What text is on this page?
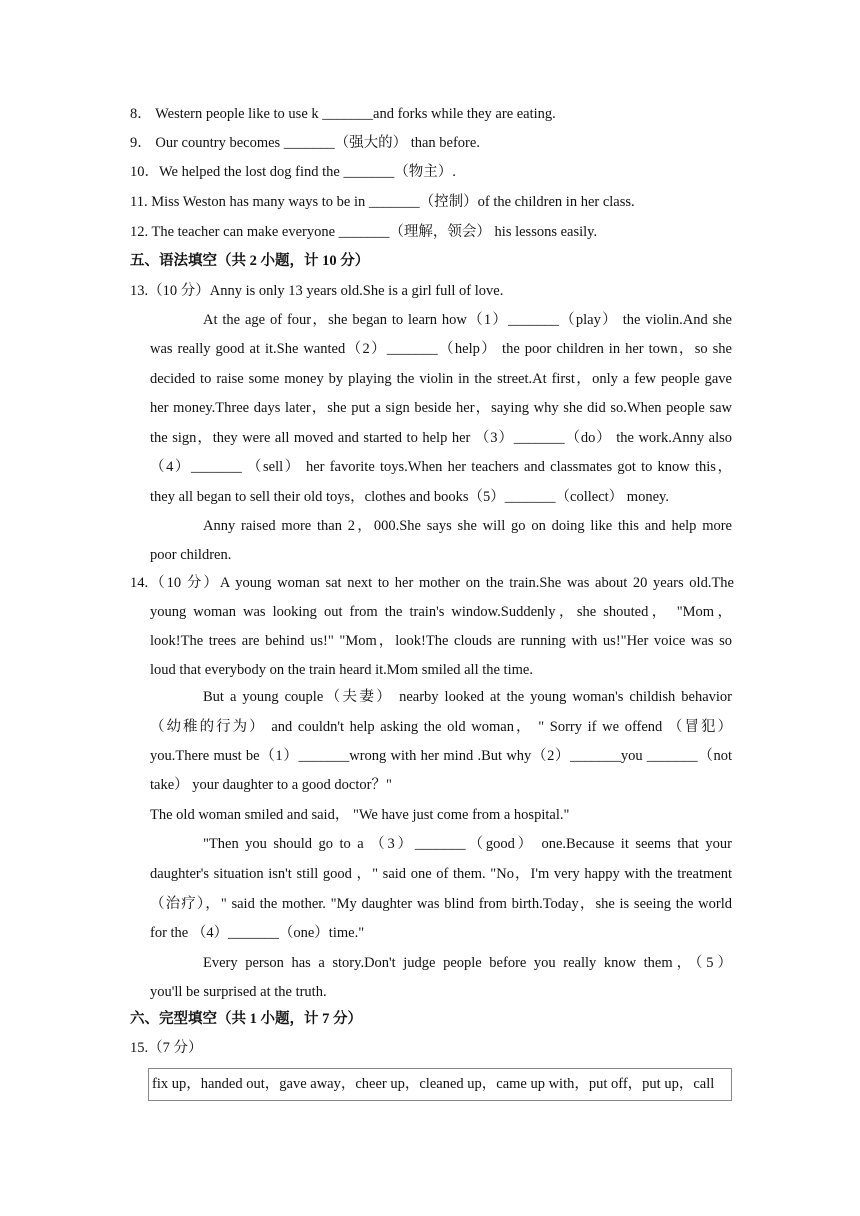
8． Western people like to use k _______and forks while they are eating.
9． Our country becomes _______（强大的） than before.
10．We helped the lost dog find the _______（物主）.
11. Miss Weston has many ways to be in _______（控制）of the children in her class.
12. The teacher can make everyone _______（理解，领会） his lessons easily.
五、语法填空（共 2 小题，计 10 分）
13.（10 分）Anny is only 13 years old.She is a girl full of love.
At the age of four，she began to learn how（1）_______（play） the violin.And she
was really good at it.She wanted（2）_______（help） the poor children in her town，so she
decided to raise some money by playing the violin in the street.At first，only a few people gave
her money.Three days later，she put a sign beside her，saying why she did so.When people saw
the sign，they were all moved and started to help her （3）_______（do） the work.Anny also
（4）_______ （sell） her favorite toys.When her teachers and classmates got to know this，
they all began to sell their old toys，clothes and books（5）_______（collect） money.
Anny raised more than 2，000.She says she will go on doing like this and help more
poor children.
14.（10 分）A young woman sat next to her mother on the train.She was about 20 years old.The
young woman was looking out from the train's window.Suddenly，she shouted， "Mom，
look!The trees are behind us!" "Mom，look!The clouds are running with us!"Her voice was so
loud that everybody on the train heard it.Mom smiled all the time.
But a young couple（夫妻） nearby looked at the young woman's childish behavior
（幼稚的行为） and couldn't help asking the old woman， " Sorry if we offend （冒犯）
you.There must be（1）_______wrong with her mind .But why（2）_______you _______（not
take） your daughter to a good doctor？"
The old woman smiled and said， "We have just come from a hospital."
"Then you should go to a （3）_______（good） one.Because it seems that your
daughter's situation isn't still good ，" said one of them. "No，I'm very happy with the treatment
（治疗），" said the mother. "My daughter was blind from birth.Today，she is seeing the world
for the （4）_______（one）time."
Every person has a story.Don't judge people before you really know them，（5）
you'll be surprised at the truth.
六、完型填空（共 1 小题，计 7 分）
15.（7 分）
fix up，handed out，gave away，cheer up，cleaned up，came up with，put off，put up，call
